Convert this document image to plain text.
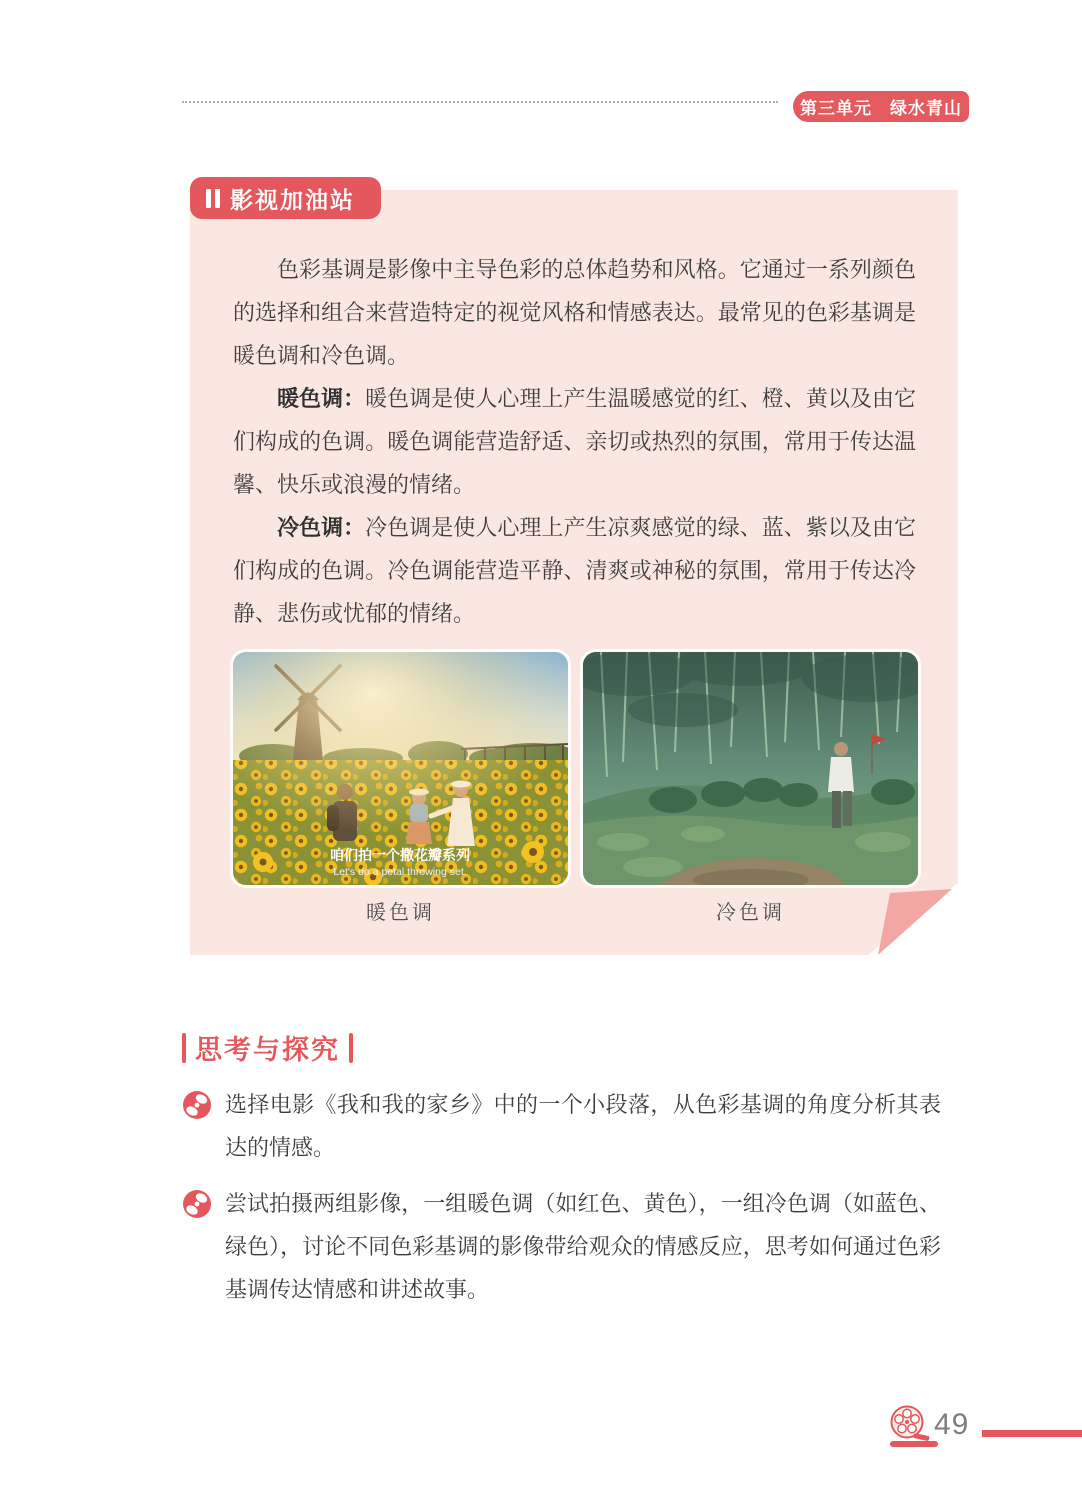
第三单元　绿水青山
影视加油站

色彩基调是影像中主导色彩的总体趋势和风格。它通过一系列颜色的选择和组合来营造特定的视觉风格和情感表达。最常见的色彩基调是暖色调和冷色调。

暖色调：暖色调是使人心理上产生温暖感觉的红、橙、黄以及由它们构成的色调。暖色调能营造舒适、亲切或热烈的氛围，常用于传达温馨、快乐或浪漫的情绪。

冷色调：冷色调是使人心理上产生凉爽感觉的绿、蓝、紫以及由它们构成的色调。冷色调能营造平静、清爽或神秘的氛围，常用于传达冷静、悲伤或忧郁的情绪。

咱们拍一个撒花瓣系列
Let's do a petal throwing set.
暖色调	冷色调
思考与探究
选择电影《我和我的家乡》中的一个小段落，从色彩基调的角度分析其表达的情感。
尝试拍摄两组影像，一组暖色调（如红色、黄色），一组冷色调（如蓝色、绿色），讨论不同色彩基调的影像带给观众的情感反应，思考如何通过色彩基调传达情感和讲述故事。
49
